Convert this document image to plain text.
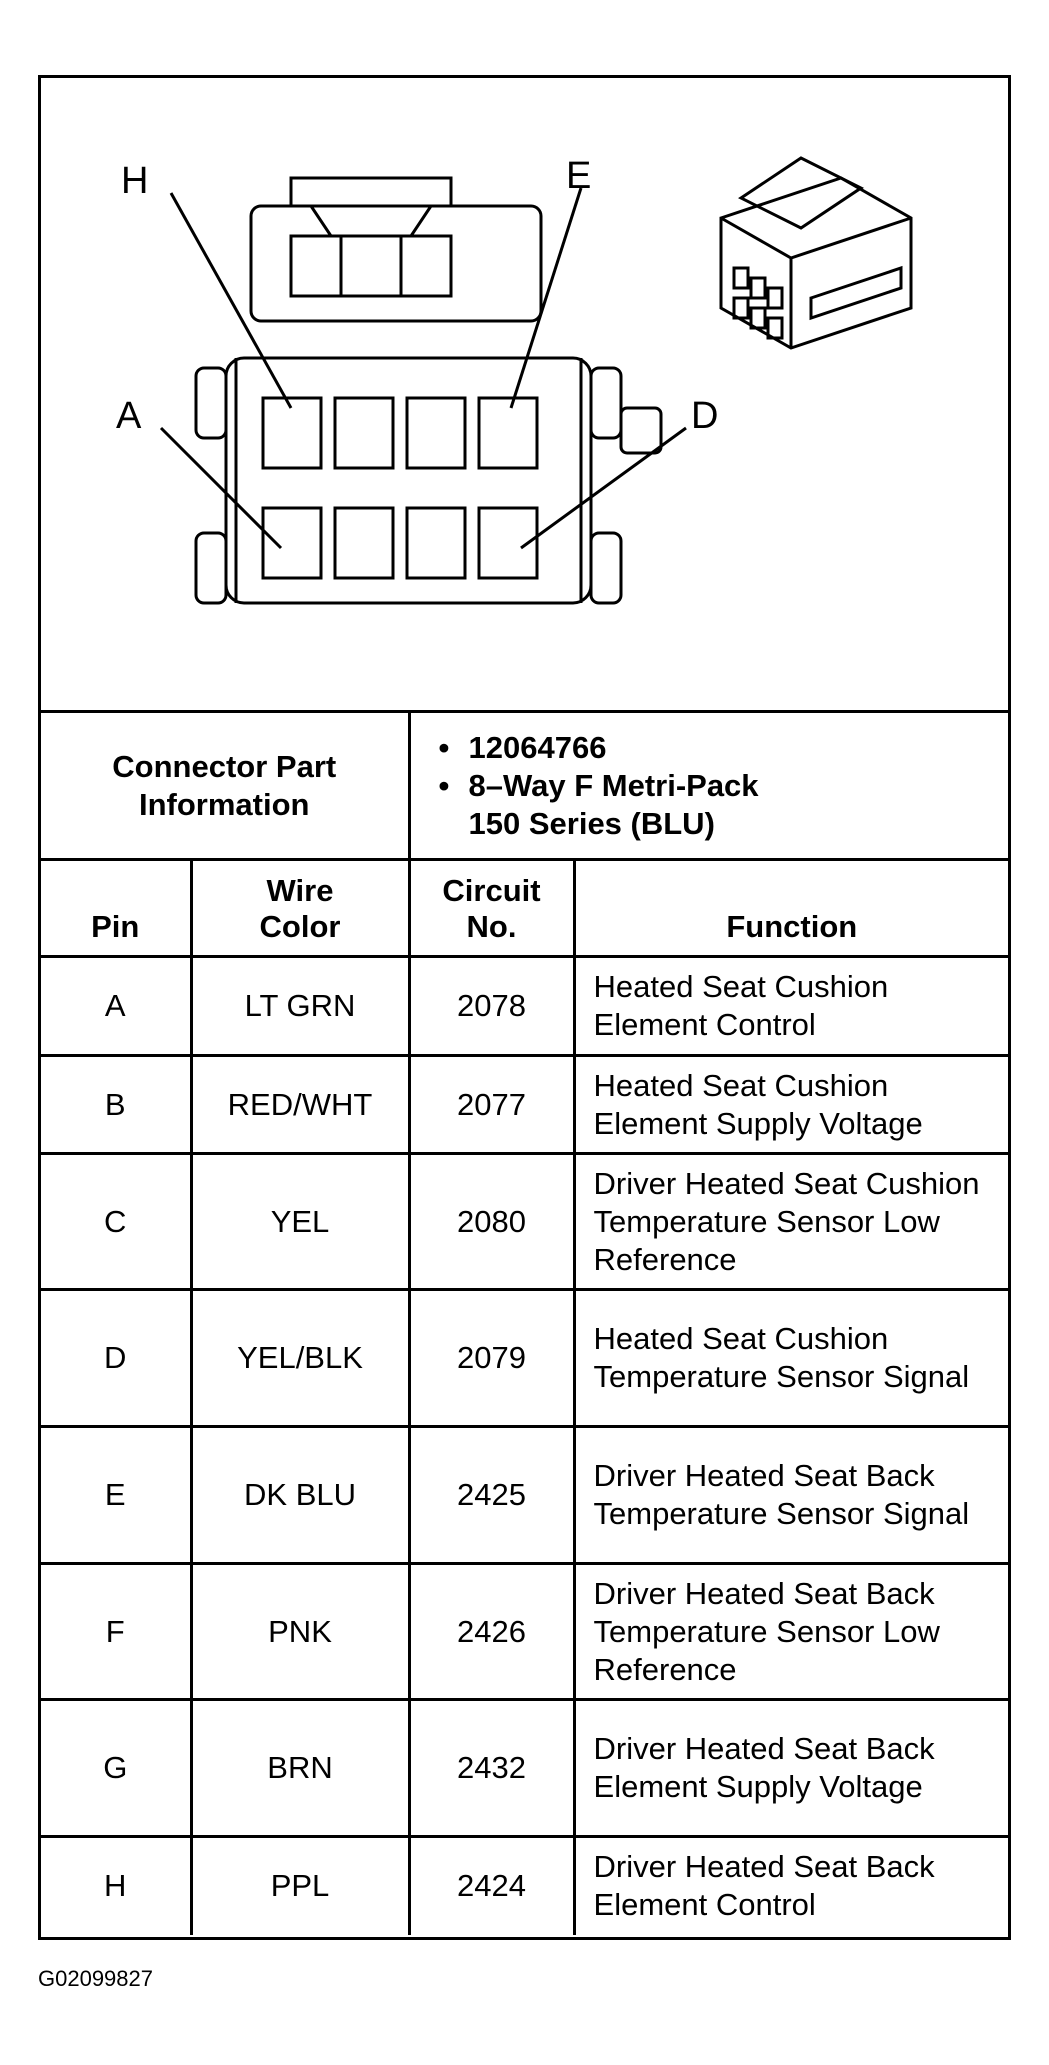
H	E
A	D
Connector Part Information		• 12064766
• 8–Way F Metri-Pack 150 Series (BLU)	

Pin	Wire Color	Circuit No.	Function
A	LT GRN	2078	Heated Seat Cushion Element Control
B	RED/WHT	2077	Heated Seat Cushion Element Supply Voltage
C	YEL	2080	Driver Heated Seat Cushion Temperature Sensor Low Reference
D	YEL/BLK	2079	Heated Seat Cushion Temperature Sensor Signal
E	DK BLU	2425	Driver Heated Seat Back Temperature Sensor Signal
F	PNK	2426	Driver Heated Seat Back Temperature Sensor Low Reference
G	BRN	2432	Driver Heated Seat Back Element Supply Voltage
H	PPL	2424	Driver Heated Seat Back Element Control
G02099827
